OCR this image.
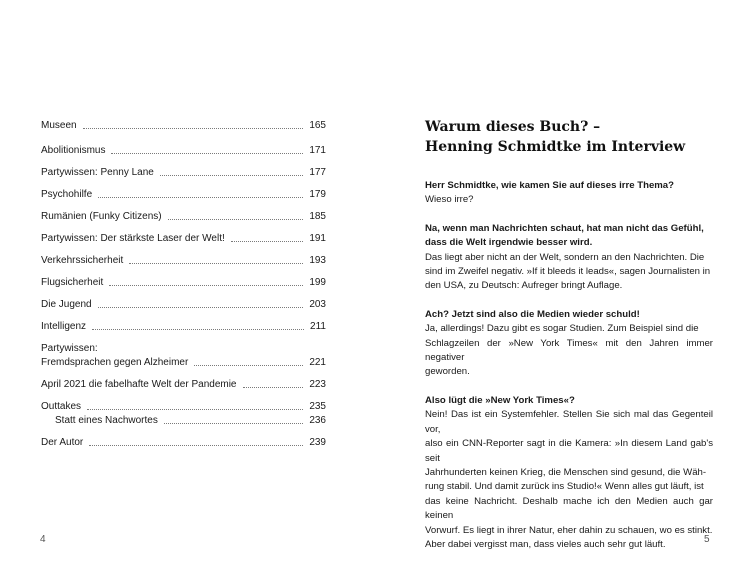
Museen	165
Abolitionismus	171
Partywissen: Penny Lane	177
Psychohilfe	179
Rumänien (Funky Citizens)	185
Partywissen: Der stärkste Laser der Welt!	191
Verkehrssicherheit	193
Flugsicherheit	199
Die Jugend	203
Intelligenz	211
Partywissen:
Fremdsprachen gegen Alzheimer	221
April 2021 die fabelhafte Welt der Pandemie	223
Outtakes	235
Statt eines Nachwortes	236
Der Autor	239
4
Warum dieses Buch? –
Henning Schmidtke im Interview
Herr Schmidtke, wie kamen Sie auf dieses irre Thema?
Wieso irre?
Na, wenn man Nachrichten schaut, hat man nicht das Gefühl,
dass die Welt irgendwie besser wird.
Das liegt aber nicht an der Welt, sondern an den Nachrichten. Die
sind im Zweifel negativ. »If it bleeds it leads«, sagen Journalisten in
den USA, zu Deutsch: Aufreger bringt Auflage.
Ach? Jetzt sind also die Medien wieder schuld!
Ja, allerdings! Dazu gibt es sogar Studien. Zum Beispiel sind die
Schlagzeilen der »New York Times« mit den Jahren immer negativer
geworden.
Also lügt die »New York Times«?
Nein! Das ist ein Systemfehler. Stellen Sie sich mal das Gegenteil vor,
also ein CNN-Reporter sagt in die Kamera: »In diesem Land gab's seit
Jahrhunderten keinen Krieg, die Menschen sind gesund, die Wäh-
rung stabil. Und damit zurück ins Studio!« Wenn alles gut läuft, ist
das keine Nachricht. Deshalb mache ich den Medien auch gar keinen
Vorwurf. Es liegt in ihrer Natur, eher dahin zu schauen, wo es stinkt.
Aber dabei vergisst man, dass vieles auch sehr gut läuft.	5
